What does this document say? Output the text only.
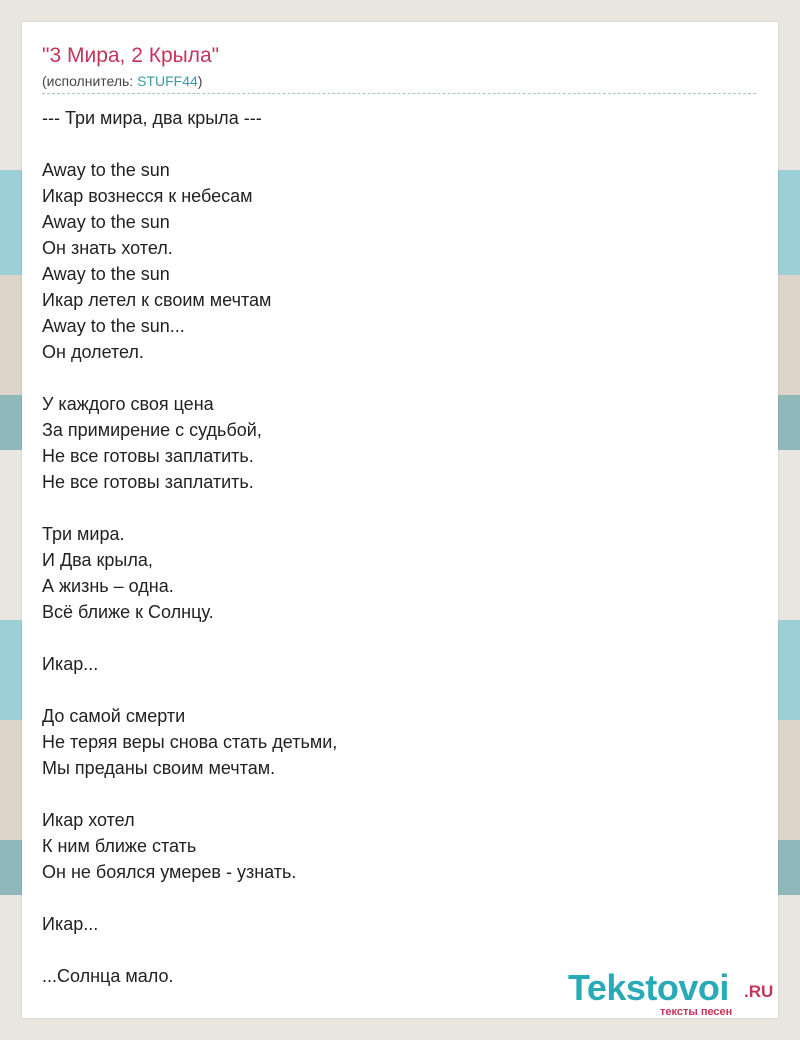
"3 Мира, 2 Крыла"
(исполнитель: STUFF44)
--- Три мира, два крыла ---
Away to the sun
Икар вознесся к небесам
Away to the sun
Он знать хотел.
Away to the sun
Икар летел к своим мечтам
Away to the sun...
Он долетел.
У каждого своя цена
За примирение с судьбой,
Не все готовы заплатить.
Не все готовы заплатить.
Три мира.
И Два крыла,
А жизнь – одна.
Всё ближе к Солнцу.
Икар...
До самой смерти
Не теряя веры снова стать детьми,
Мы преданы своим мечтам.
Икар хотел
К ним ближе стать
Он не боялся умерев - узнать.
Икар...
...Солнца мало.	Tekstovoi .RU
тексты песен
